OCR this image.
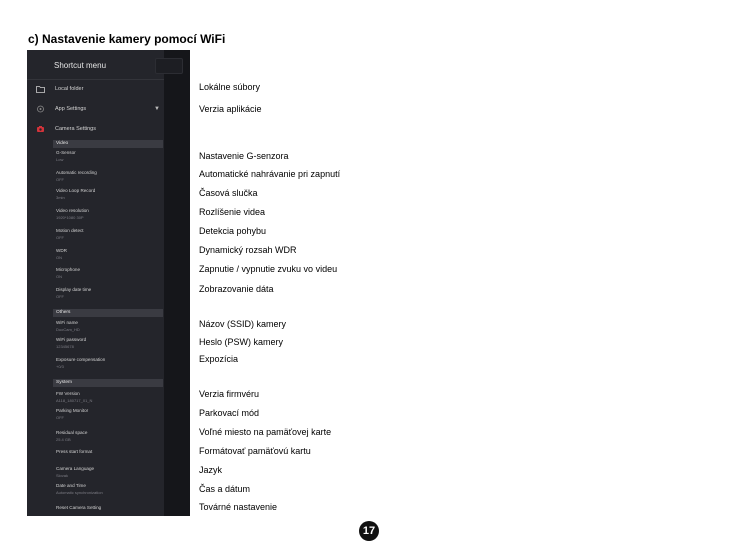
c) Nastavenie kamery pomocí WiFi
Shortcut menu
Local folder
App Settings	▼
Camera Settings
Video
G-Sensor
Low
Automatic recording
OFF
Video Loop Record
3min
Video resolution
1920*1080 30P
Motion detect
OFF
WDR
ON
Microphone
ON
Display date time
OFF
Others
WiFi name
DuoCam_HD
WiFi password
12345678
Exposure compensation
+0/3
System
FW Version
A118_180717_01_N
Parking Monitor
OFF
Residual space
25.4 GB
Press start format
Camera Language
Slovak
Date and Time
Automatic synchronization
Reset Camera Setting
Lokálne súbory
Verzia aplikácie
Nastavenie G-senzora
Automatické nahrávanie pri zapnutí
Časová slučka
Rozlíšenie videa
Detekcia pohybu
Dynamický rozsah WDR
Zapnutie / vypnutie zvuku vo videu
Zobrazovanie dáta
Názov (SSID) kamery
Heslo (PSW) kamery
Expozícia
Verzia firmvéru
Parkovací mód
Voľné miesto na pamäťovej karte
Formátovať pamäťovú kartu
Jazyk
Čas a dátum
Továrné nastavenie
17
